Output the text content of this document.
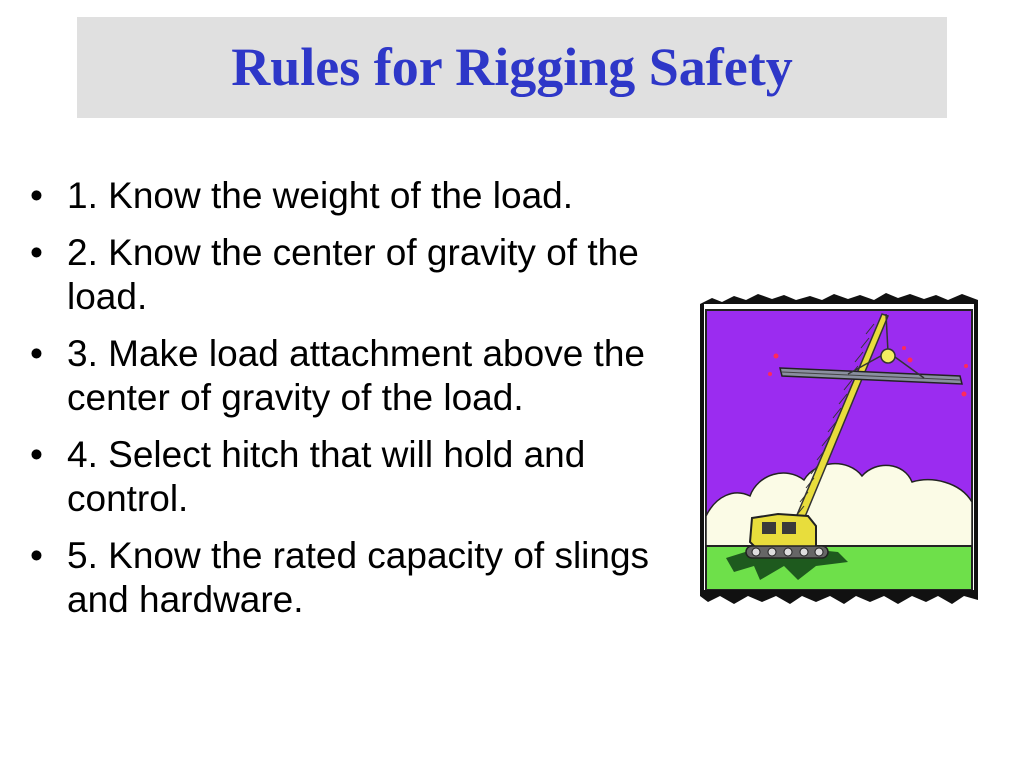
Rules for Rigging Safety
• 1. Know the weight of the load.
• 2. Know the center of gravity of the load.
• 3. Make load attachment above the center of gravity of the load.
• 4. Select hitch that will hold and control.
• 5. Know the rated capacity of slings and hardware.
